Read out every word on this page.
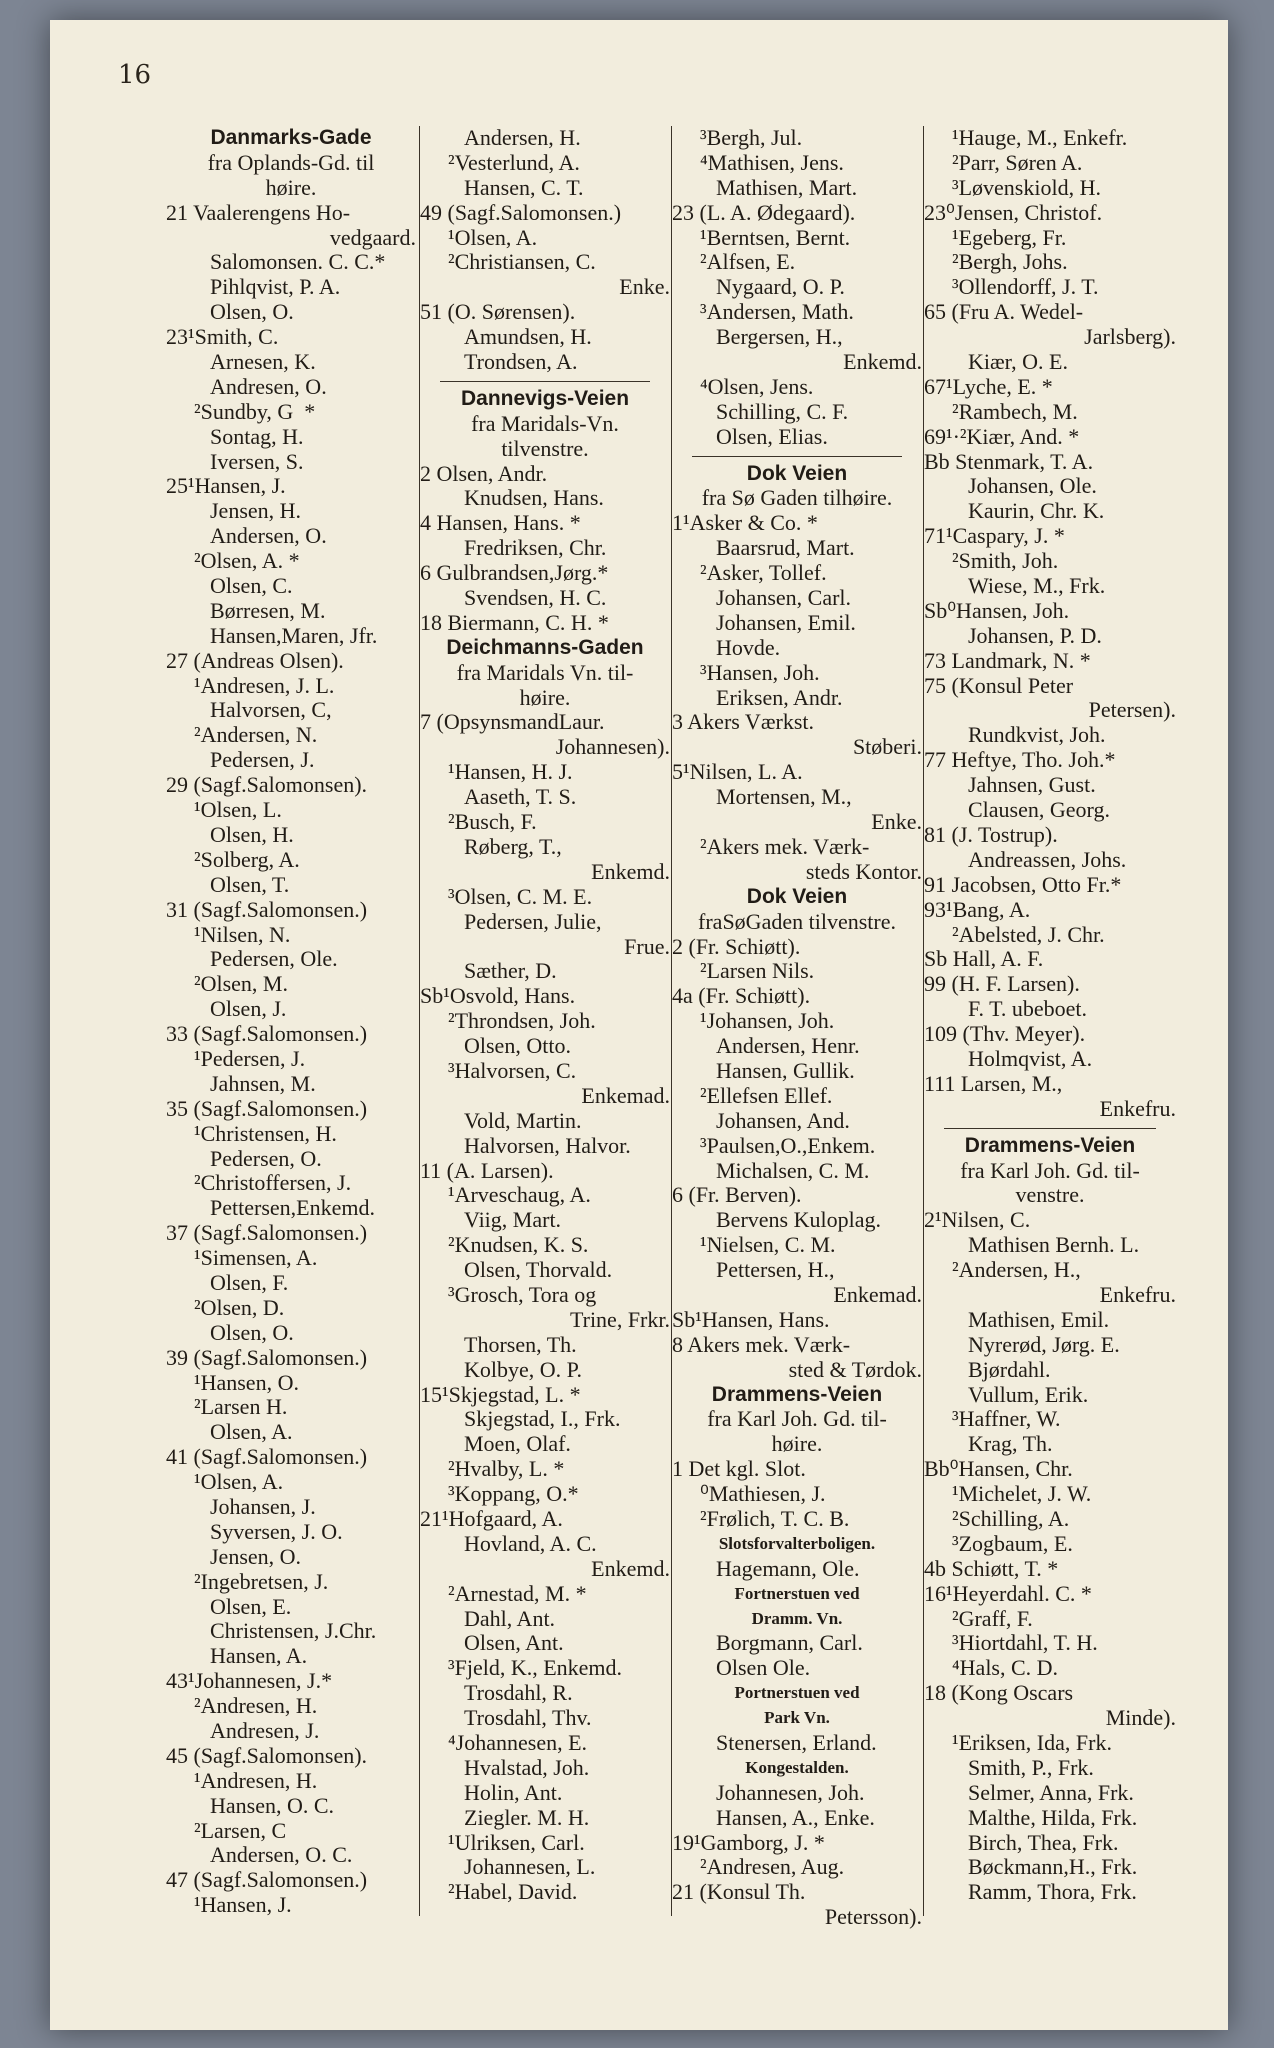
16
Danmarks-Gade
fra Oplands-Gd. til
høire.
21 Vaalerengens Ho-
vedgaard.
Salomonsen. C. C.*
Pihlqvist, P. A.
Olsen, O.
23¹Smith, C.
Arnesen, K.
Andresen, O.
²Sundby, G  *
Sontag, H.
Iversen, S.
25¹Hansen, J.
Jensen, H.
Andersen, O.
²Olsen, A. *
Olsen, C.
Børresen, M.
Hansen,Maren, Jfr.
27 (Andreas Olsen).
¹Andresen, J. L.
Halvorsen, C,
²Andersen, N.
Pedersen, J.
29 (Sagf.Salomonsen).
¹Olsen, L.
Olsen, H.
²Solberg, A.
Olsen, T.
31 (Sagf.Salomonsen.)
¹Nilsen, N.
Pedersen, Ole.
²Olsen, M.
Olsen, J.
33 (Sagf.Salomonsen.)
¹Pedersen, J.
Jahnsen, M.
35 (Sagf.Salomonsen.)
¹Christensen, H.
Pedersen, O.
²Christoffersen, J.
Pettersen,Enkemd.
37 (Sagf.Salomonsen.)
¹Simensen, A.
Olsen, F.
²Olsen, D.
Olsen, O.
39 (Sagf.Salomonsen.)
¹Hansen, O.
²Larsen H.
Olsen, A.
41 (Sagf.Salomonsen.)
¹Olsen, A.
Johansen, J.
Syversen, J. O.
Jensen, O.
²Ingebretsen, J.
Olsen, E.
Christensen, J.Chr.
Hansen, A.
43¹Johannesen, J.*
²Andresen, H.
Andresen, J.
45 (Sagf.Salomonsen).
¹Andresen, H.
Hansen, O. C.
²Larsen, C
Andersen, O. C.
47 (Sagf.Salomonsen.)
¹Hansen, J.
Andersen, H.
²Vesterlund, A.
Hansen, C. T.
49 (Sagf.Salomonsen.)
¹Olsen, A.
²Christiansen, C.
Enke.
51 (O. Sørensen).
Amundsen, H.
Trondsen, A.
Dannevigs-Veien
fra Maridals-Vn.
tilvenstre.
2 Olsen, Andr.
Knudsen, Hans.
4 Hansen, Hans. *
Fredriksen, Chr.
6 Gulbrandsen,Jørg.*
Svendsen, H. C.
18 Biermann, C. H. *
Deichmanns-Gaden
fra Maridals Vn. til-
høire.
7 (OpsynsmandLaur.
Johannesen).
¹Hansen, H. J.
Aaseth, T. S.
²Busch, F.
Røberg, T.,
Enkemd.
³Olsen, C. M. E.
Pedersen, Julie,
Frue.
Sæther, D.
Sb¹Osvold, Hans.
²Throndsen, Joh.
Olsen, Otto.
³Halvorsen, C.
Enkemad.
Vold, Martin.
Halvorsen, Halvor.
11 (A. Larsen).
¹Arveschaug, A.
Viig, Mart.
²Knudsen, K. S.
Olsen, Thorvald.
³Grosch, Tora og
Trine, Frkr.
Thorsen, Th.
Kolbye, O. P.
15¹Skjegstad, L. *
Skjegstad, I., Frk.
Moen, Olaf.
²Hvalby, L. *
³Koppang, O.*
21¹Hofgaard, A.
Hovland, A. C.
Enkemd.
²Arnestad, M. *
Dahl, Ant.
Olsen, Ant.
³Fjeld, K., Enkemd.
Trosdahl, R.
Trosdahl, Thv.
⁴Johannesen, E.
Hvalstad, Joh.
Holin, Ant.
Ziegler. M. H.
¹Ulriksen, Carl.
Johannesen, L.
²Habel, David.
³Bergh, Jul.
⁴Mathisen, Jens.
Mathisen, Mart.
23 (L. A. Ødegaard).
¹Berntsen, Bernt.
²Alfsen, E.
Nygaard, O. P.
³Andersen, Math.
Bergersen, H.,
Enkemd.
⁴Olsen, Jens.
Schilling, C. F.
Olsen, Elias.
Dok Veien
fra Sø Gaden tilhøire.
1¹Asker & Co. *
Baarsrud, Mart.
²Asker, Tollef.
Johansen, Carl.
Johansen, Emil.
Hovde.
³Hansen, Joh.
Eriksen, Andr.
3 Akers Værkst.
Støberi.
5¹Nilsen, L. A.
Mortensen, M.,
Enke.
²Akers mek. Værk-
steds Kontor.
Dok Veien
fraSøGaden tilvenstre.
2 (Fr. Schiøtt).
²Larsen Nils.
4a (Fr. Schiøtt).
¹Johansen, Joh.
Andersen, Henr.
Hansen, Gullik.
²Ellefsen Ellef.
Johansen, And.
³Paulsen,O.,Enkem.
Michalsen, C. M.
6 (Fr. Berven).
Bervens Kuloplag.
¹Nielsen, C. M.
Pettersen, H.,
Enkemad.
Sb¹Hansen, Hans.
8 Akers mek. Værk-
sted & Tørdok.
Drammens-Veien
fra Karl Joh. Gd. til-
høire.
1 Det kgl. Slot.
⁰Mathiesen, J.
²Frølich, T. C. B.
Slotsforvalterboligen.
Hagemann, Ole.
Fortnerstuen ved
Dramm. Vn.
Borgmann, Carl.
Olsen Ole.
Portnerstuen ved
Park Vn.
Stenersen, Erland.
Kongestalden.
Johannesen, Joh.
Hansen, A., Enke.
19¹Gamborg, J. *
²Andresen, Aug.
21 (Konsul Th.
Petersson).
¹Hauge, M., Enkefr.
²Parr, Søren A.
³Løvenskiold, H.
23⁰Jensen, Christof.
¹Egeberg, Fr.
²Bergh, Johs.
³Ollendorff, J. T.
65 (Fru A. Wedel-
Jarlsberg).
Kiær, O. E.
67¹Lyche, E. *
²Rambech, M.
69¹·²Kiær, And. *
Bb Stenmark, T. A.
Johansen, Ole.
Kaurin, Chr. K.
71¹Caspary, J. *
²Smith, Joh.
Wiese, M., Frk.
Sb⁰Hansen, Joh.
Johansen, P. D.
73 Landmark, N. *
75 (Konsul Peter
Petersen).
Rundkvist, Joh.
77 Heftye, Tho. Joh.*
Jahnsen, Gust.
Clausen, Georg.
81 (J. Tostrup).
Andreassen, Johs.
91 Jacobsen, Otto Fr.*
93¹Bang, A.
²Abelsted, J. Chr.
Sb Hall, A. F.
99 (H. F. Larsen).
F. T. ubeboet.
109 (Thv. Meyer).
Holmqvist, A.
111 Larsen, M.,
Enkefru.
Drammens-Veien
fra Karl Joh. Gd. til-
venstre.
2¹Nilsen, C.
Mathisen Bernh. L.
²Andersen, H.,
Enkefru.
Mathisen, Emil.
Nyrerød, Jørg. E.
Bjørdahl.
Vullum, Erik.
³Haffner, W.
Krag, Th.
Bb⁰Hansen, Chr.
¹Michelet, J. W.
²Schilling, A.
³Zogbaum, E.
4b Schiøtt, T. *
16¹Heyerdahl. C. *
²Graff, F.
³Hiortdahl, T. H.
⁴Hals, C. D.
18 (Kong Oscars
Minde).
¹Eriksen, Ida, Frk.
Smith, P., Frk.
Selmer, Anna, Frk.
Malthe, Hilda, Frk.
Birch, Thea, Frk.
Bøckmann,H., Frk.
Ramm, Thora, Frk.
